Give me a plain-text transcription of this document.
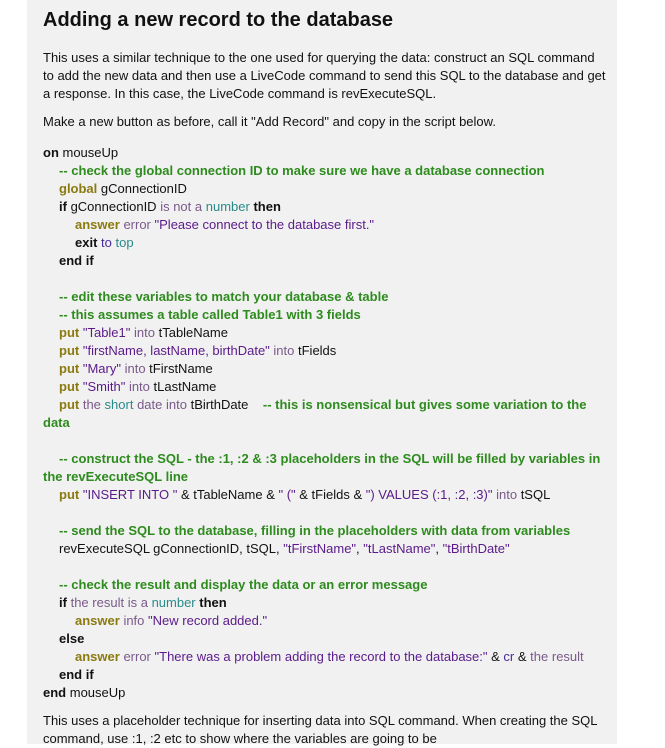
Adding a new record to the database

This uses a similar technique to the one used for querying the data: construct an SQL command to add the new data and then use a LiveCode command to send this SQL to the database and get a response. In this case, the LiveCode command is revExecuteSQL.

Make a new button as before, call it "Add Record" and copy in the script below.

on mouseUp
-- check the global connection ID to make sure we have a database connection
global gConnectionID
if gConnectionID is not a number then
answer error "Please connect to the database first."
exit to top
end if
-- edit these variables to match your database & table
-- this assumes a table called Table1 with 3 fields
put "Table1" into tTableName
put "firstName, lastName, birthDate" into tFields
put "Mary" into tFirstName
put "Smith" into tLastName
put the short date into tBirthDate -- this is nonsensical but gives some variation to the data
-- construct the SQL - the :1, :2 & :3 placeholders in the SQL will be filled by variables in the revExecuteSQL line
put "INSERT INTO " & tTableName & " (" & tFields & ") VALUES (:1, :2, :3)" into tSQL
-- send the SQL to the database, filling in the placeholders with data from variables
revExecuteSQL gConnectionID, tSQL, "tFirstName", "tLastName", "tBirthDate"
-- check the result and display the data or an error message
if the result is a number then
answer info "New record added."
else
answer error "There was a problem adding the record to the database:" & cr & the result
end if
end mouseUp

This uses a placeholder technique for inserting data into SQL command. When creating the SQL command, use :1, :2 etc to show where the variables are going to be
